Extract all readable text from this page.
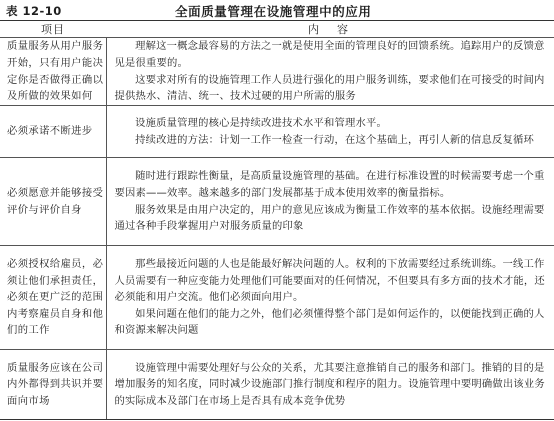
表 12-10	全面质量管理在设施管理中的应用
项目	内容
质量服务从用户服务开始，只有用户能决定你是否做得正确以及所做的效果如何	理解这一概念最容易的方法之一就是使用全面的管理良好的回馈系统。追踪用户的反馈意见是很重要的。

这要求对所有的设施管理工作人员进行强化的用户服务训练，要求他们在可接受的时间内提供热水、清洁、统一、技术过硬的用户所需的服务

必须承诺不断进步	设施质量管理的核心是持续改进技术水平和管理水平。

持续改进的方法：计划一工作一检查一行动，在这个基础上，再引人新的信息反复循环

必须愿意并能够接受评价与评价自身	随时进行跟踪性衡量，是高质量设施管理的基础。在进行标准设置的时候需要考虑一个重要因素——效率。越来越多的部门发展都基于成本使用效率的衡量指标。

服务效果是由用户决定的，用户的意见应该成为衡量工作效率的基本依据。设施经理需要通过各种手段掌握用户对服务质量的印象

必须授权给雇员，必须让他们承担责任，必须在更广泛的范围内考察雇员自身和他们的工作	那些最接近问题的人也是能最好解决问题的人。权利的下放需要经过系统训练。一线工作人员需要有一种应变能力处理他们可能要面对的任何情况，不但要具有多方面的技术才能，还必须能和用户交流。他们必须面向用户。

如果问题在他们的能力之外，他们必须懂得整个部门是如何运作的，以便能找到正确的人和资源来解决问题

质量服务应该在公司内外都得到共识并要面向市场	设施管理中需要处理好与公众的关系，尤其要注意推销自己的服务和部门。推销的目的是增加服务的知名度，同时减少设施部门推行制度和程序的阻力。设施管理中要明确做出该业务的实际成本及部门在市场上是否具有成本竞争优势
